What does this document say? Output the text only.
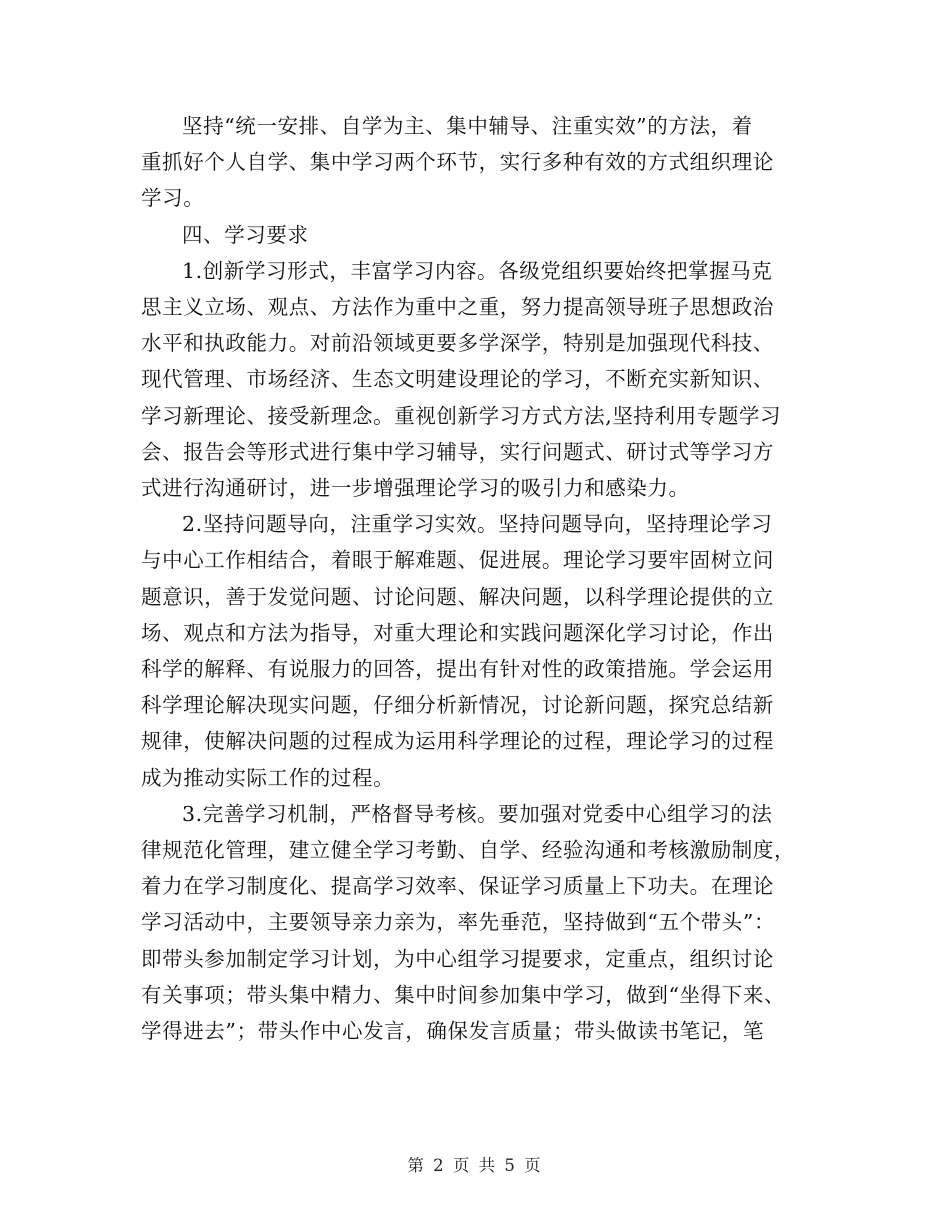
坚持“统一安排、自学为主、集中辅导、注重实效”的方法，着
重抓好个人自学、集中学习两个环节，实行多种有效的方式组织理论
学习。
四、学习要求
1.创新学习形式，丰富学习内容。各级党组织要始终把掌握马克
思主义立场、观点、方法作为重中之重，努力提高领导班子思想政治
水平和执政能力。对前沿领域更要多学深学，特别是加强现代科技、
现代管理、市场经济、生态文明建设理论的学习，不断充实新知识、
学习新理论、接受新理念。重视创新学习方式方法,坚持利用专题学习
会、报告会等形式进行集中学习辅导，实行问题式、研讨式等学习方
式进行沟通研讨，进一步增强理论学习的吸引力和感染力。
2.坚持问题导向，注重学习实效。坚持问题导向，坚持理论学习
与中心工作相结合，着眼于解难题、促进展。理论学习要牢固树立问
题意识，善于发觉问题、讨论问题、解决问题，以科学理论提供的立
场、观点和方法为指导，对重大理论和实践问题深化学习讨论，作出
科学的解释、有说服力的回答，提出有针对性的政策措施。学会运用
科学理论解决现实问题，仔细分析新情况，讨论新问题，探究总结新
规律，使解决问题的过程成为运用科学理论的过程，理论学习的过程
成为推动实际工作的过程。
3.完善学习机制，严格督导考核。要加强对党委中心组学习的法
律规范化管理，建立健全学习考勤、自学、经验沟通和考核激励制度，
着力在学习制度化、提高学习效率、保证学习质量上下功夫。在理论
学习活动中，主要领导亲力亲为，率先垂范，坚持做到“五个带头”：
即带头参加制定学习计划，为中心组学习提要求，定重点，组织讨论
有关事项；带头集中精力、集中时间参加集中学习，做到“坐得下来、
学得进去”；带头作中心发言，确保发言质量；带头做读书笔记，笔
第 2 页 共 5 页
